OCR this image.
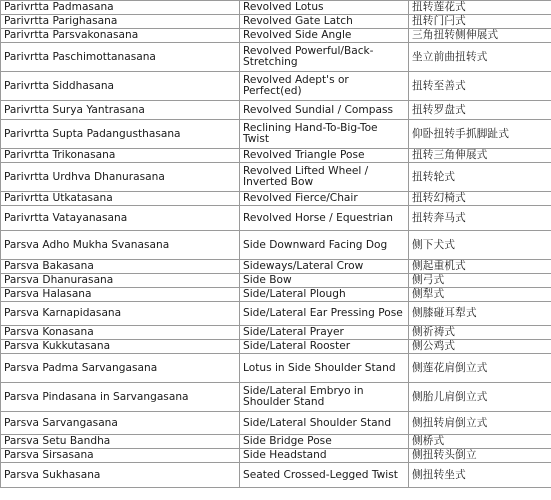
Parivrtta Padmasana	Revolved Lotus	扭转莲花式
Parivrtta Parighasana	Revolved Gate Latch	扭转门闩式
Parivrtta Parsvakonasana	Revolved Side Angle	三角扭转侧伸展式
Parivrtta Paschimottanasana	Revolved Powerful/Back-Stretching	坐立前曲扭转式
Parivrtta Siddhasana	Revolved Adept's or Perfect(ed)	扭转至善式
Parivrtta Surya Yantrasana	Revolved Sundial / Compass	扭转罗盘式
Parivrtta Supta Padangusthasana	Reclining Hand-To-Big-Toe Twist	仰卧扭转手抓脚趾式
Parivrtta Trikonasana	Revolved Triangle Pose	扭转三角伸展式
Parivrtta Urdhva Dhanurasana	Revolved Lifted Wheel / Inverted Bow	扭转轮式
Parivrtta Utkatasana	Revolved Fierce/Chair	扭转幻椅式
Parivrtta Vatayanasana	Revolved Horse / Equestrian	扭转奔马式
Parsva Adho Mukha Svanasana	Side Downward Facing Dog	侧下犬式
Parsva Bakasana	Sideways/Lateral Crow	侧起重机式
Parsva Dhanurasana	Side Bow	侧弓式
Parsva Halasana	Side/Lateral Plough	侧犁式
Parsva Karnapidasana	Side/Lateral Ear Pressing Pose	侧膝碰耳犁式
Parsva Konasana	Side/Lateral Prayer	侧祈祷式
Parsva Kukkutasana	Side/Lateral Rooster	侧公鸡式
Parsva Padma Sarvangasana	Lotus in Side Shoulder Stand	侧莲花肩倒立式
Parsva Pindasana in Sarvangasana	Side/Lateral Embryo in Shoulder Stand	侧胎儿肩倒立式
Parsva Sarvangasana	Side/Lateral Shoulder Stand	侧扭转肩倒立式
Parsva Setu Bandha	Side Bridge Pose	侧桥式
Parsva Sirsasana	Side Headstand	侧扭转头倒立
Parsva Sukhasana	Seated Crossed-Legged Twist	侧扭转坐式
